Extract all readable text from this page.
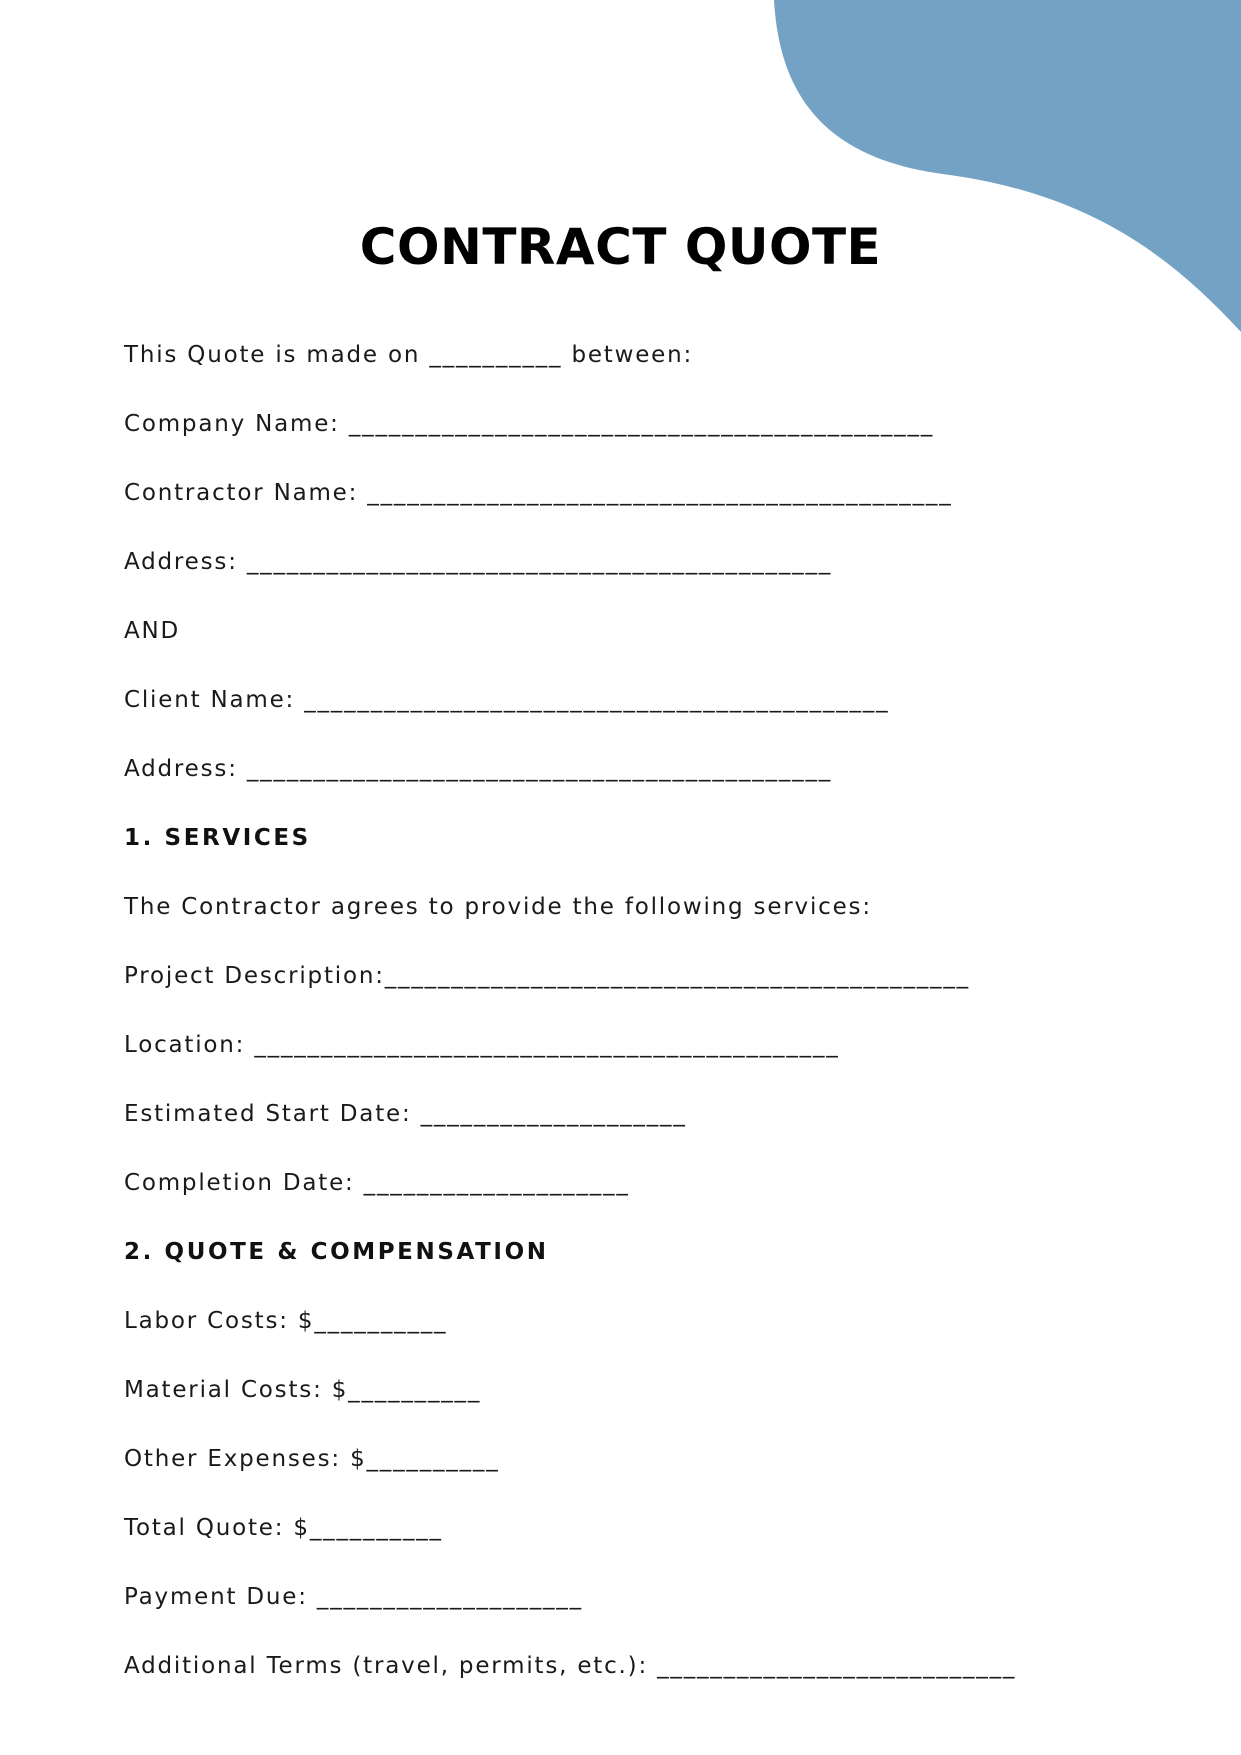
CONTRACT QUOTE
This Quote is made on __________ between:
Company Name: ____________________________________________
Contractor Name: ____________________________________________
Address: ____________________________________________
AND
Client Name: ____________________________________________
Address: ____________________________________________
1. SERVICES
The Contractor agrees to provide the following services:
Project Description:____________________________________________
Location: ____________________________________________
Estimated Start Date: ____________________
Completion Date: ____________________
2. QUOTE & COMPENSATION
Labor Costs: $__________
Material Costs: $__________
Other Expenses: $__________
Total Quote: $__________
Payment Due: ____________________
Additional Terms (travel, permits, etc.): ___________________________
